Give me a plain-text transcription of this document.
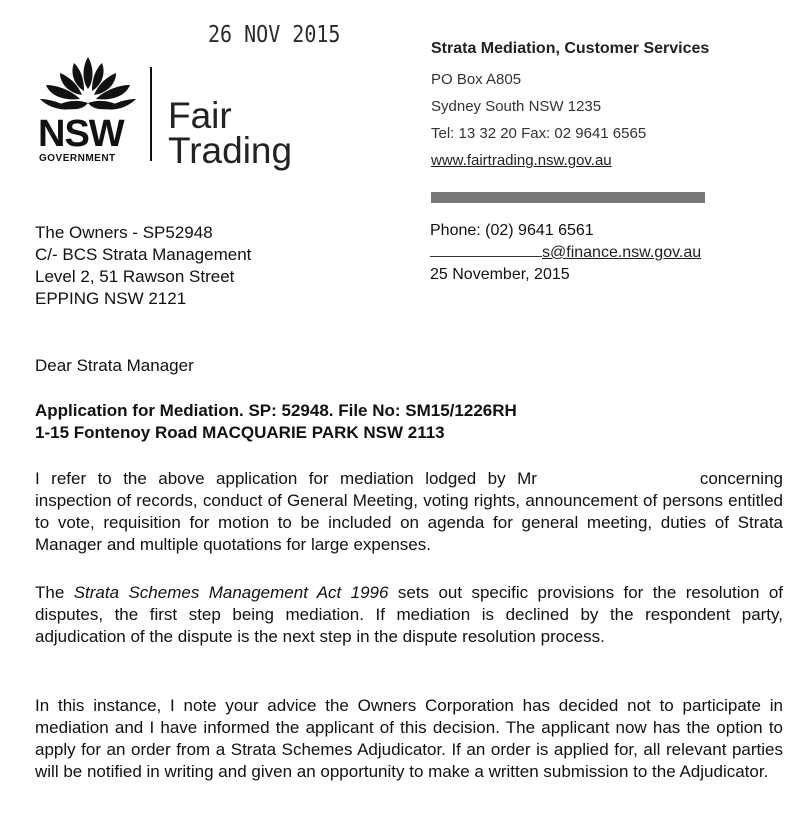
26 NOV 2015
NSW
GOVERNMENT
Fair
Trading
Strata Mediation, Customer Services
PO Box A805
Sydney South NSW 1235
Tel: 13 32 20 Fax: 02 9641 6565
www.fairtrading.nsw.gov.au
The Owners - SP52948
C/- BCS Strata Management
Level 2, 51 Rawson Street
EPPING NSW 2121
Phone: (02) 9641 6561
s@finance.nsw.gov.au
25 November, 2015
Dear Strata Manager
Application for Mediation. SP: 52948. File No: SM15/1226RH
1-15 Fontenoy Road MACQUARIE PARK NSW 2113
I refer to the above application for mediation lodged by Mr	concerning inspection of records, conduct of General Meeting, voting rights, announcement of persons entitled to vote, requisition for motion to be included on agenda for general meeting, duties of Strata Manager and multiple quotations for large expenses.
The Strata Schemes Management Act 1996 sets out specific provisions for the resolution of disputes, the first step being mediation. If mediation is declined by the respondent party, adjudication of the dispute is the next step in the dispute resolution process.
In this instance, I note your advice the Owners Corporation has decided not to participate in mediation and I have informed the applicant of this decision. The applicant now has the option to apply for an order from a Strata Schemes Adjudicator. If an order is applied for, all relevant parties will be notified in writing and given an opportunity to make a written submission to the Adjudicator.
